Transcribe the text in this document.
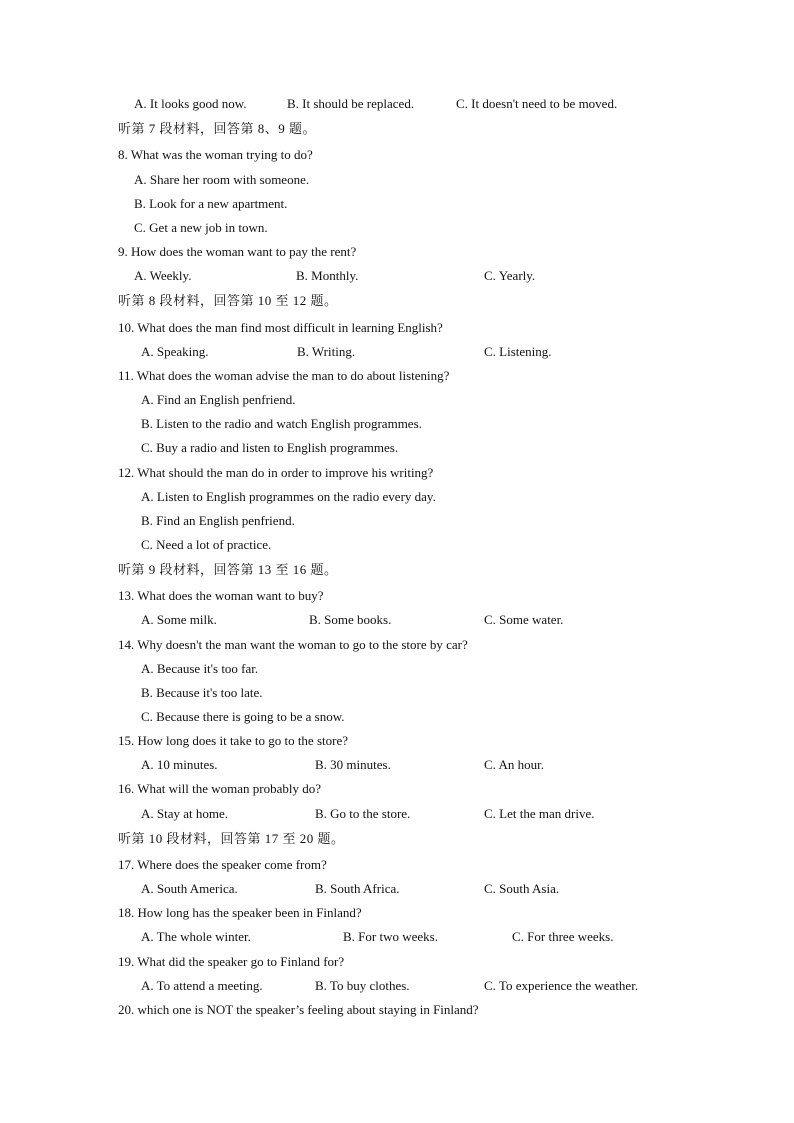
A. It looks good now.	B. It should be replaced.	C. It doesn't need to be moved.
听第 7 段材料，回答第 8、9 题。
8. What was the woman trying to do?
A. Share her room with someone.
B. Look for a new apartment.
C. Get a new job in town.
9. How does the woman want to pay the rent?
A. Weekly.	B. Monthly.	C. Yearly.
听第 8 段材料，回答第 10 至 12 题。
10. What does the man find most difficult in learning English?
A. Speaking.	B. Writing.	C. Listening.
11. What does the woman advise the man to do about listening?
A. Find an English penfriend.
B. Listen to the radio and watch English programmes.
C. Buy a radio and listen to English programmes.
12. What should the man do in order to improve his writing?
A. Listen to English programmes on the radio every day.
B. Find an English penfriend.
C. Need a lot of practice.
听第 9 段材料，回答第 13 至 16 题。
13. What does the woman want to buy?
A. Some milk.	B. Some books.	C. Some water.
14. Why doesn't the man want the woman to go to the store by car?
A. Because it's too far.
B. Because it's too late.
C. Because there is going to be a snow.
15. How long does it take to go to the store?
A. 10 minutes.	B. 30 minutes.	C. An hour.
16. What will the woman probably do?
A. Stay at home.	B. Go to the store.	C. Let the man drive.
听第 10 段材料，回答第 17 至 20 题。
17. Where does the speaker come from?
A. South America.	B. South Africa.	C. South Asia.
18. How long has the speaker been in Finland?
A. The whole winter.	B. For two weeks.	C. For three weeks.
19. What did the speaker go to Finland for?
A. To attend a meeting.	B. To buy clothes.	C. To experience the weather.
20. which one is NOT the speaker’s feeling about staying in Finland?
